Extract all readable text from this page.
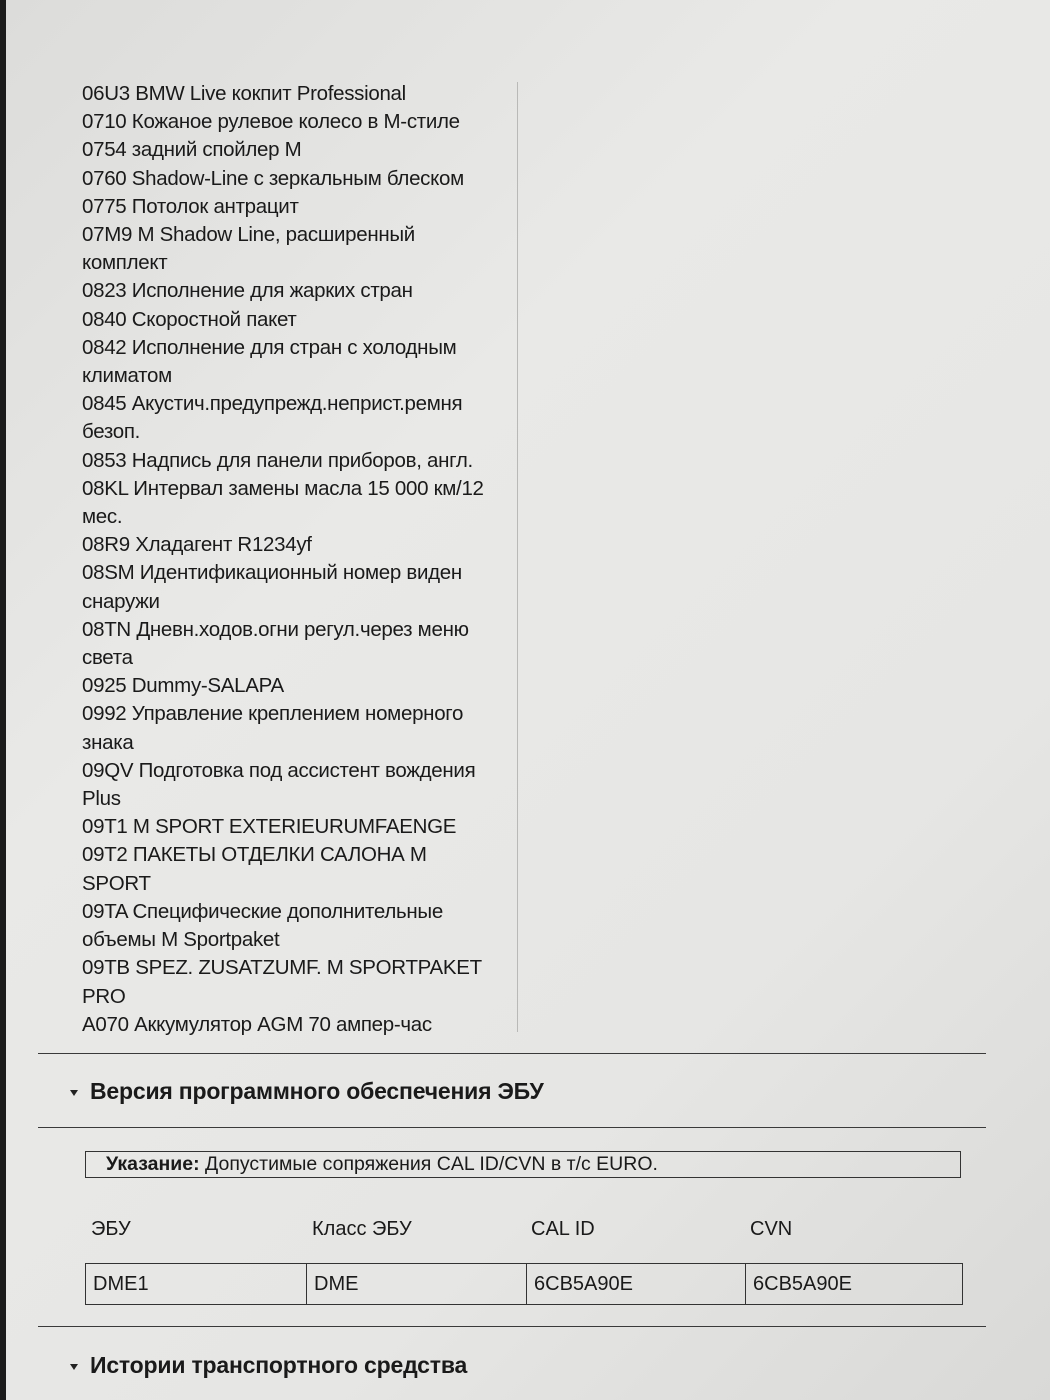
06U3 BMW Live кокпит Professional
0710 Кожаное рулевое колесо в М-стиле
0754 задний спойлер M
0760 Shadow-Line с зеркальным блеском
0775 Потолок антрацит
07M9 M Shadow Line, расширенный
комплект
0823 Исполнение для жарких стран
0840 Скоростной пакет
0842 Исполнение для стран с холодным
климатом
0845 Акустич.предупрежд.неприст.ремня
безоп.
0853 Надпись для панели приборов, англ.
08KL Интервал замены масла 15 000 км/12
мес.
08R9 Хладагент R1234yf
08SM Идентификационный номер виден
снаружи
08TN Дневн.ходов.огни регул.через меню
света
0925 Dummy-SALAPA
0992 Управление креплением номерного
знака
09QV Подготовка под ассистент вождения
Plus
09T1 M SPORT EXTERIEURUMFAENGE
09T2 ПАКЕТЫ ОТДЕЛКИ САЛОНА M
SPORT
09TA Специфические дополнительные
объемы M Sportpaket
09TB SPEZ. ZUSATZUMF. M SPORTPAKET
PRO
A070 Аккумулятор AGM 70 ампер-час
Версия программного обеспечения ЭБУ
Указание: Допустимые сопряжения CAL ID/CVN в т/с EURO.
ЭБУ	Класс ЭБУ	CAL ID	CVN
DME1	DME	6CB5A90E	6CB5A90E
Истории транспортного средства
